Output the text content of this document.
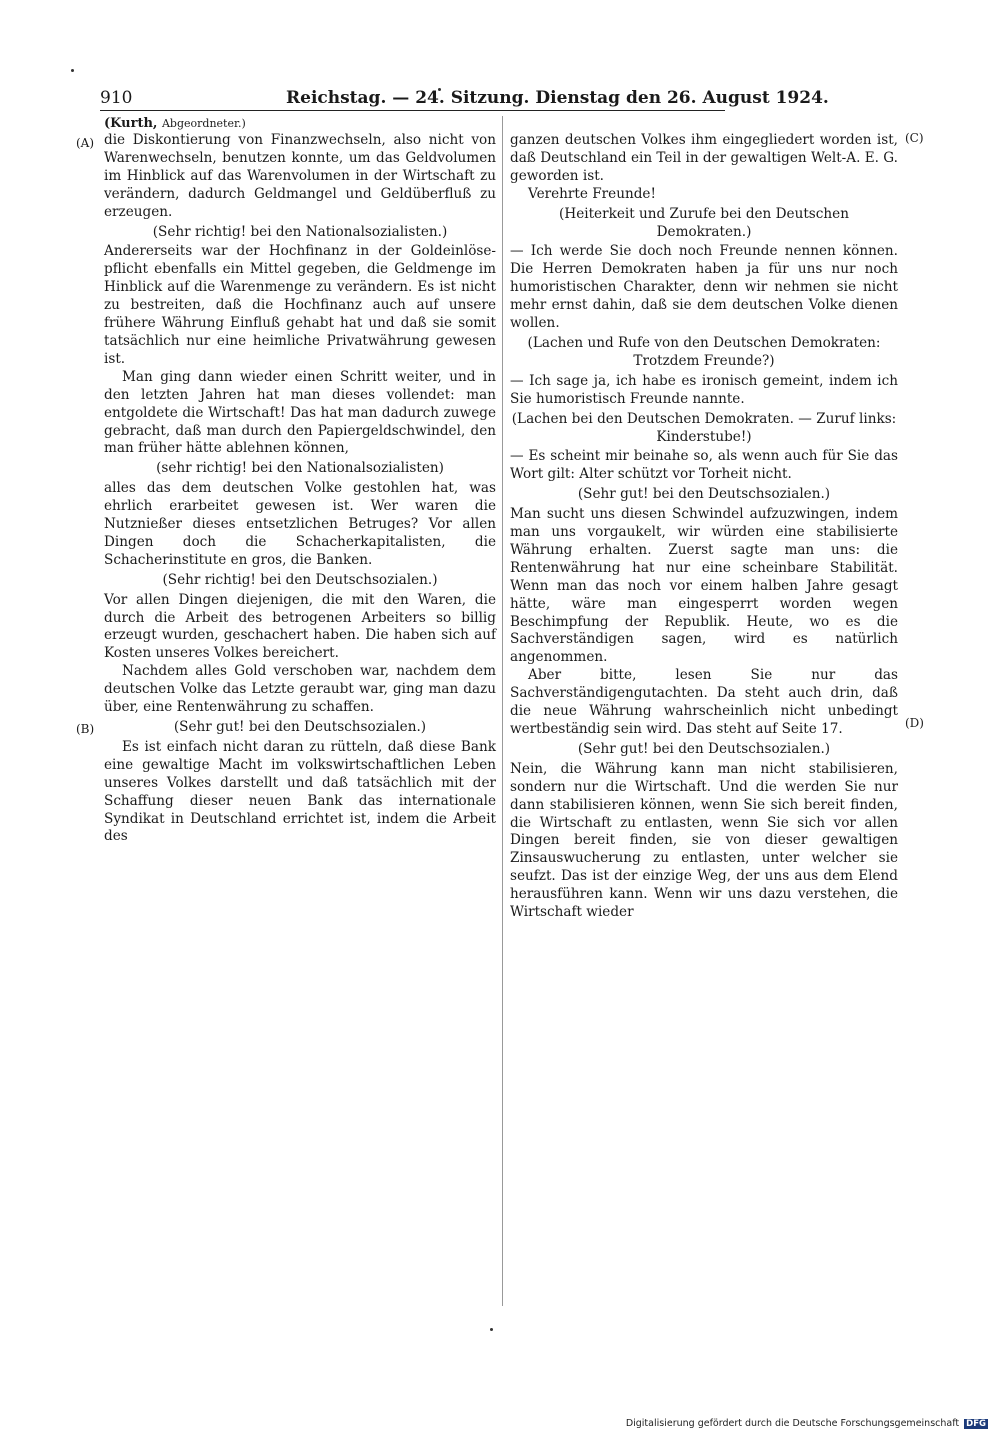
910	Reichstag. — 24. Sitzung. Dienstag den 26. August 1924.
(Kurth, Abgeordneter.)
(A)
(B)
(C)
(D)

die Diskontierung von Finanzwechseln, also nicht von Warenwechseln, benutzen konnte, um das Geldvolumen im Hinblick auf das Warenvolumen in der Wirtschaft zu verändern, dadurch Geldmangel und Geldüberfluß zu erzeugen.

(Sehr richtig! bei den Nationalsozialisten.)

Andererseits war der Hochfinanz in der Goldeinlöse-pflicht ebenfalls ein Mittel gegeben, die Geldmenge im Hinblick auf die Warenmenge zu verändern. Es ist nicht zu bestreiten, daß die Hochfinanz auch auf unsere frühere Währung Einfluß gehabt hat und daß sie somit tatsächlich nur eine heimliche Privatwährung gewesen ist.

Man ging dann wieder einen Schritt weiter, und in den letzten Jahren hat man dieses vollendet: man entgoldete die Wirtschaft! Das hat man dadurch zuwege gebracht, daß man durch den Papiergeldschwindel, den man früher hätte ablehnen können,

(sehr richtig! bei den Nationalsozialisten)

alles das dem deutschen Volke gestohlen hat, was ehrlich erarbeitet gewesen ist. Wer waren die Nutznießer dieses entsetzlichen Betruges? Vor allen Dingen doch die Schacherkapitalisten, die Schacherinstitute en gros, die Banken.

(Sehr richtig! bei den Deutschsozialen.)

Vor allen Dingen diejenigen, die mit den Waren, die durch die Arbeit des betrogenen Arbeiters so billig erzeugt wurden, geschachert haben. Die haben sich auf Kosten unseres Volkes bereichert.

Nachdem alles Gold verschoben war, nachdem dem deutschen Volke das Letzte geraubt war, ging man dazu über, eine Rentenwährung zu schaffen.

(Sehr gut! bei den Deutschsozialen.)

Es ist einfach nicht daran zu rütteln, daß diese Bank eine gewaltige Macht im volkswirtschaftlichen Leben unseres Volkes darstellt und daß tatsächlich mit der Schaffung dieser neuen Bank das internationale Syndikat in Deutschland errichtet ist, indem die Arbeit des

ganzen deutschen Volkes ihm eingegliedert worden ist, daß Deutschland ein Teil in der gewaltigen Welt-A. E. G. geworden ist.

Verehrte Freunde!

(Heiterkeit und Zurufe bei den Deutschen Demokraten.)

— Ich werde Sie doch noch Freunde nennen können. Die Herren Demokraten haben ja für uns nur noch humoristischen Charakter, denn wir nehmen sie nicht mehr ernst dahin, daß sie dem deutschen Volke dienen wollen.

(Lachen und Rufe von den Deutschen Demokraten: Trotzdem Freunde?)

— Ich sage ja, ich habe es ironisch gemeint, indem ich Sie humoristisch Freunde nannte.

(Lachen bei den Deutschen Demokraten. — Zuruf links: Kinderstube!)

— Es scheint mir beinahe so, als wenn auch für Sie das Wort gilt: Alter schützt vor Torheit nicht.

(Sehr gut! bei den Deutschsozialen.)

Man sucht uns diesen Schwindel aufzuzwingen, indem man uns vorgaukelt, wir würden eine stabilisierte Währung erhalten. Zuerst sagte man uns: die Rentenwährung hat nur eine scheinbare Stabilität. Wenn man das noch vor einem halben Jahre gesagt hätte, wäre man eingesperrt worden wegen Beschimpfung der Republik. Heute, wo es die Sachverständigen sagen, wird es natürlich angenommen.

Aber bitte, lesen Sie nur das Sachverständigengutachten. Da steht auch drin, daß die neue Währung wahrscheinlich nicht unbedingt wertbeständig sein wird. Das steht auf Seite 17.

(Sehr gut! bei den Deutschsozialen.)

Nein, die Währung kann man nicht stabilisieren, sondern nur die Wirtschaft. Und die werden Sie nur dann stabilisieren können, wenn Sie sich bereit finden, die Wirtschaft zu entlasten, wenn Sie sich vor allen Dingen bereit finden, sie von dieser gewaltigen Zinsauswucherung zu entlasten, unter welcher sie seufzt. Das ist der einzige Weg, der uns aus dem Elend herausführen kann. Wenn wir uns dazu verstehen, die Wirtschaft wieder

Digitalisierung gefördert durch die Deutsche Forschungsgemeinschaft DFG
